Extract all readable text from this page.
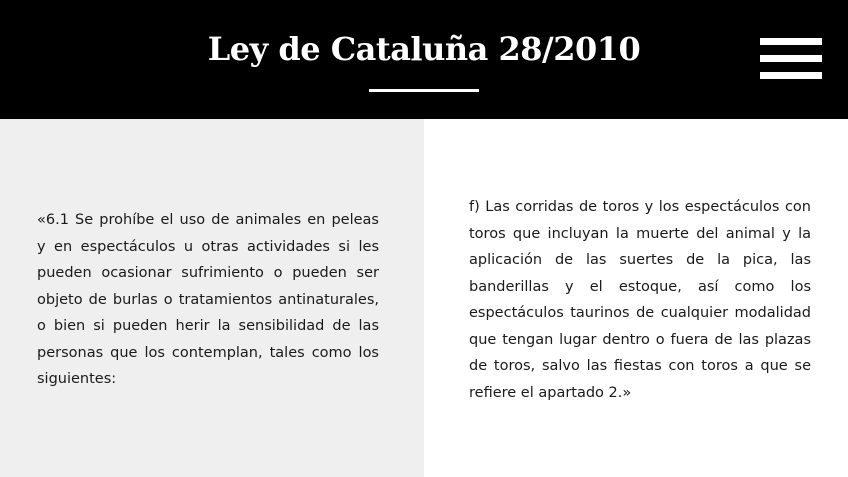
Ley de Cataluña 28/2010

«6.1 Se prohíbe el uso de animales en peleas y en espectáculos u otras actividades si les pueden ocasionar sufrimiento o pueden ser objeto de burlas o tratamientos antinaturales, o bien si pueden herir la sensibilidad de las personas que los contemplan, tales como los siguientes:

f) Las corridas de toros y los espectáculos con toros que incluyan la muerte del animal y la aplicación de las suertes de la pica, las banderillas y el estoque, así como los espectáculos taurinos de cualquier modalidad que tengan lugar dentro o fuera de las plazas de toros, salvo las fiestas con toros a que se refiere el apartado 2.»
